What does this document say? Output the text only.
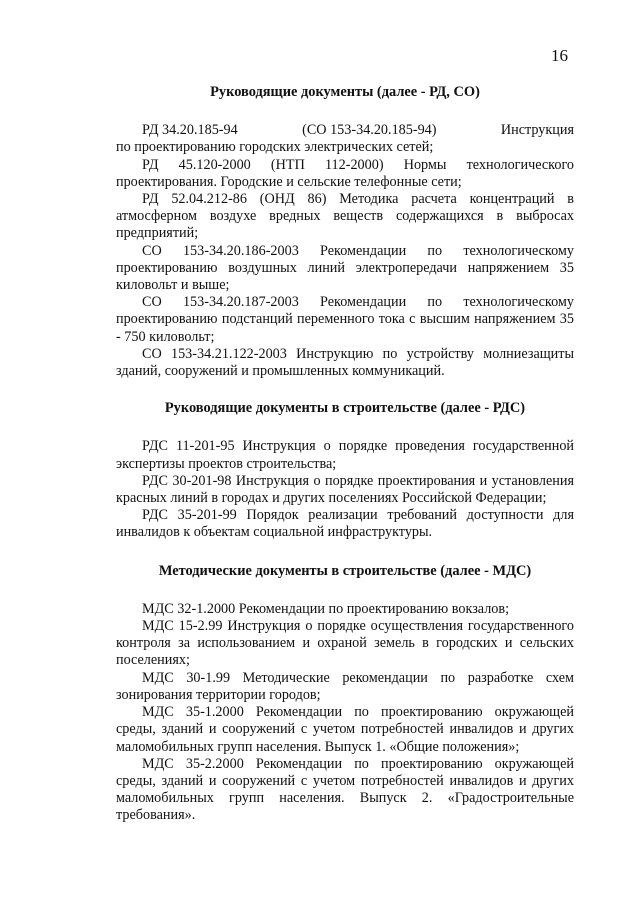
16

Руководящие документы (далее - РД, СО)

РД 34.20.185-94	(СО 153-34.20.185-94)	Инструкция

по проектированию городских электрических сетей;

РД 45.120-2000 (НТП 112-2000) Нормы технологического проектирования. Городские и сельские телефонные сети;

РД 52.04.212-86 (ОНД 86) Методика расчета концентраций в атмосферном воздухе вредных веществ содержащихся в выбросах предприятий;

СО 153-34.20.186-2003 Рекомендации по технологическому проектированию воздушных линий электропередачи напряжением 35 киловольт и выше;

СО 153-34.20.187-2003 Рекомендации по технологическому проектированию подстанций переменного тока с высшим напряжением 35 - 750 киловольт;

СО 153-34.21.122-2003 Инструкцию по устройству молниезащиты зданий, сооружений и промышленных коммуникаций.

Руководящие документы в строительстве (далее - РДС)

РДС 11-201-95 Инструкция о порядке проведения государственной экспертизы проектов строительства;

РДС 30-201-98 Инструкция о порядке проектирования и установления красных линий в городах и других поселениях Российской Федерации;

РДС 35-201-99 Порядок реализации требований доступности для инвалидов к объектам социальной инфраструктуры.

Методические документы в строительстве (далее - МДС)

МДС 32-1.2000 Рекомендации по проектированию вокзалов;

МДС 15-2.99 Инструкция о порядке осуществления государственного контроля за использованием и охраной земель в городских и сельских поселениях;

МДС 30-1.99 Методические рекомендации по разработке схем зонирования территории городов;

МДС 35-1.2000 Рекомендации по проектированию окружающей среды, зданий и сооружений с учетом потребностей инвалидов и других маломобильных групп населения. Выпуск 1. «Общие положения»;

МДС 35-2.2000 Рекомендации по проектированию окружающей среды, зданий и сооружений с учетом потребностей инвалидов и других маломобильных групп населения. Выпуск 2. «Градостроительные требования».
